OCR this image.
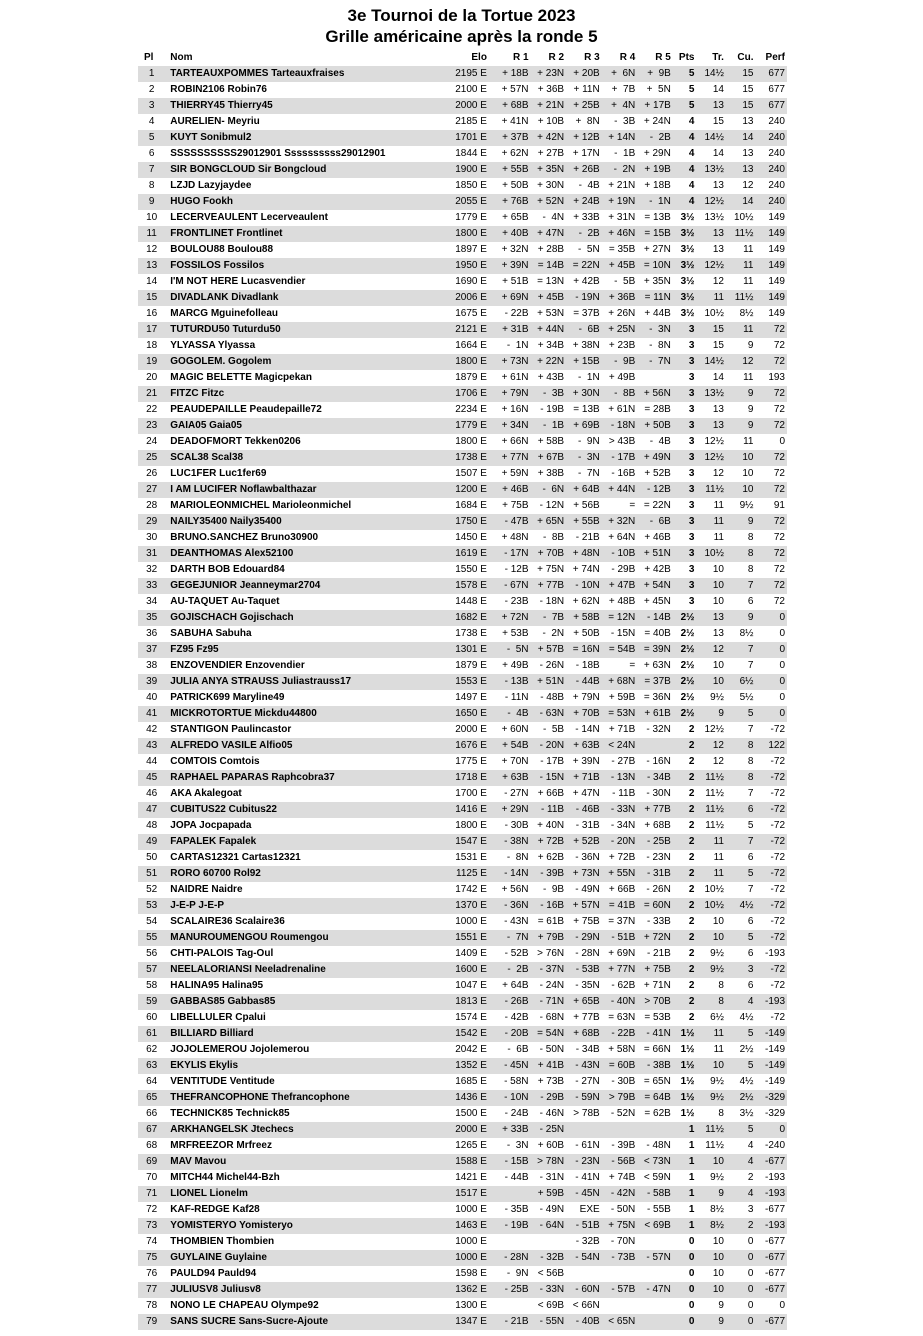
3e Tournoi de la Tortue 2023
Grille américaine après la ronde 5
Pl	Nom	Elo	R 1	R 2	R 3	R 4	R 5	Pts	Tr.	Cu.	Perf
1	TARTEAUXPOMMES Tarteauxfraises	2195 E	+ 18B	+ 23N	+ 20B	+  6N	+  9B	5	14½	15	677
2	ROBIN2106 Robin76	2100 E	+ 57N	+ 36B	+ 11N	+  7B	+  5N	5	14	15	677
3	THIERRY45 Thierry45	2000 E	+ 68B	+ 21N	+ 25B	+  4N	+ 17B	5	13	15	677
4	AURELIEN- Meyriu	2185 E	+ 41N	+ 10B	+  8N	-  3B	+ 24N	4	15	13	240
5	KUYT Sonibmul2	1701 E	+ 37B	+ 42N	+ 12B	+ 14N	-  2B	4	14½	14	240
6	SSSSSSSSSS29012901 Ssssssssss29012901	1844 E	+ 62N	+ 27B	+ 17N	-  1B	+ 29N	4	14	13	240
7	SIR BONGCLOUD Sir Bongcloud	1900 E	+ 55B	+ 35N	+ 26B	-  2N	+ 19B	4	13½	13	240
8	LZJD Lazyjaydee	1850 E	+ 50B	+ 30N	-  4B	+ 21N	+ 18B	4	13	12	240
9	HUGO Fookh	2055 E	+ 76B	+ 52N	+ 24B	+ 19N	-  1N	4	12½	14	240
10	LECERVEAULENT Lecerveaulent	1779 E	+ 65B	-  4N	+ 33B	+ 31N	= 13B	3½	13½	10½	149
11	FRONTLINET Frontlinet	1800 E	+ 40B	+ 47N	-  2B	+ 46N	= 15B	3½	13	11½	149
12	BOULOU88 Boulou88	1897 E	+ 32N	+ 28B	-  5N	= 35B	+ 27N	3½	13	11	149
13	FOSSILOS Fossilos	1950 E	+ 39N	= 14B	= 22N	+ 45B	= 10N	3½	12½	11	149
14	I'M NOT HERE Lucasvendier	1690 E	+ 51B	= 13N	+ 42B	-  5B	+ 35N	3½	12	11	149
15	DIVADLANK Divadlank	2006 E	+ 69N	+ 45B	- 19N	+ 36B	= 11N	3½	11	11½	149
16	MARCG Mguinefolleau	1675 E	- 22B	+ 53N	= 37B	+ 26N	+ 44B	3½	10½	8½	149
17	TUTURDU50 Tuturdu50	2121 E	+ 31B	+ 44N	-  6B	+ 25N	-  3N	3	15	11	72
18	YLYASSA Ylyassa	1664 E	-  1N	+ 34B	+ 38N	+ 23B	-  8N	3	15	9	72
19	GOGOLEM. Gogolem	1800 E	+ 73N	+ 22N	+ 15B	-  9B	-  7N	3	14½	12	72
20	MAGIC BELETTE Magicpekan	1879 E	+ 61N	+ 43B	-  1N	+ 49B		3	14	11	193
21	FITZC Fitzc	1706 E	+ 79N	-  3B	+ 30N	-  8B	+ 56N	3	13½	9	72
22	PEAUDEPAILLE Peaudepaille72	2234 E	+ 16N	- 19B	= 13B	+ 61N	= 28B	3	13	9	72
23	GAIA05 Gaia05	1779 E	+ 34N	-  1B	+ 69B	- 18N	+ 50B	3	13	9	72
24	DEADOFMORT Tekken0206	1800 E	+ 66N	+ 58B	-  9N	> 43B	-  4B	3	12½	11	0
25	SCAL38 Scal38	1738 E	+ 77N	+ 67B	-  3N	- 17B	+ 49N	3	12½	10	72
26	LUC1FER Luc1fer69	1507 E	+ 59N	+ 38B	-  7N	- 16B	+ 52B	3	12	10	72
27	I AM LUCIFER Noflawbalthazar	1200 E	+ 46B	-  6N	+ 64B	+ 44N	- 12B	3	11½	10	72
28	MARIOLEONMICHEL Marioleonmichel	1684 E	+ 75B	- 12N	+ 56B	=	= 22N	3	11	9½	91
29	NAILY35400 Naily35400	1750 E	- 47B	+ 65N	+ 55B	+ 32N	-  6B	3	11	9	72
30	BRUNO.SANCHEZ Bruno30900	1450 E	+ 48N	-  8B	- 21B	+ 64N	+ 46B	3	11	8	72
31	DEANTHOMAS Alex52100	1619 E	- 17N	+ 70B	+ 48N	- 10B	+ 51N	3	10½	8	72
32	DARTH BOB Edouard84	1550 E	- 12B	+ 75N	+ 74N	- 29B	+ 42B	3	10	8	72
33	GEGEJUNIOR Jeanneymar2704	1578 E	- 67N	+ 77B	- 10N	+ 47B	+ 54N	3	10	7	72
34	AU-TAQUET Au-Taquet	1448 E	- 23B	- 18N	+ 62N	+ 48B	+ 45N	3	10	6	72
35	GOJISCHACH Gojischach	1682 E	+ 72N	-  7B	+ 58B	= 12N	- 14B	2½	13	9	0
36	SABUHA Sabuha	1738 E	+ 53B	-  2N	+ 50B	- 15N	= 40B	2½	13	8½	0
37	FZ95 Fz95	1301 E	-  5N	+ 57B	= 16N	= 54B	= 39N	2½	12	7	0
38	ENZOVENDIER Enzovendier	1879 E	+ 49B	- 26N	- 18B	=	+ 63N	2½	10	7	0
39	JULIA ANYA STRAUSS Juliastrauss17	1553 E	- 13B	+ 51N	- 44B	+ 68N	= 37B	2½	10	6½	0
40	PATRICK699 Maryline49	1497 E	- 11N	- 48B	+ 79N	+ 59B	= 36N	2½	9½	5½	0
41	MICKROTORTUE Mickdu44800	1650 E	-  4B	- 63N	+ 70B	= 53N	+ 61B	2½	9	5	0
42	STANTIGON Paulincastor	2000 E	+ 60N	-  5B	- 14N	+ 71B	- 32N	2	12½	7	-72
43	ALFREDO VASILE Alfio05	1676 E	+ 54B	- 20N	+ 63B	< 24N		2	12	8	122
44	COMTOIS Comtois	1775 E	+ 70N	- 17B	+ 39N	- 27B	- 16N	2	12	8	-72
45	RAPHAEL PAPARAS Raphcobra37	1718 E	+ 63B	- 15N	+ 71B	- 13N	- 34B	2	11½	8	-72
46	AKA Akalegoat	1700 E	- 27N	+ 66B	+ 47N	- 11B	- 30N	2	11½	7	-72
47	CUBITUS22 Cubitus22	1416 E	+ 29N	- 11B	- 46B	- 33N	+ 77B	2	11½	6	-72
48	JOPA Jocpapada	1800 E	- 30B	+ 40N	- 31B	- 34N	+ 68B	2	11½	5	-72
49	FAPALEK Fapalek	1547 E	- 38N	+ 72B	+ 52B	- 20N	- 25B	2	11	7	-72
50	CARTAS12321 Cartas12321	1531 E	-  8N	+ 62B	- 36N	+ 72B	- 23N	2	11	6	-72
51	RORO 60700 Rol92	1125 E	- 14N	- 39B	+ 73N	+ 55N	- 31B	2	11	5	-72
52	NAIDRE Naidre	1742 E	+ 56N	-  9B	- 49N	+ 66B	- 26N	2	10½	7	-72
53	J-E-P J-E-P	1370 E	- 36N	- 16B	+ 57N	= 41B	= 60N	2	10½	4½	-72
54	SCALAIRE36 Scalaire36	1000 E	- 43N	= 61B	+ 75B	= 37N	- 33B	2	10	6	-72
55	MANUROUMENGOU Roumengou	1551 E	-  7N	+ 79B	- 29N	- 51B	+ 72N	2	10	5	-72
56	CHTI-PALOIS Tag-Oul	1409 E	- 52B	> 76N	- 28N	+ 69N	- 21B	2	9½	6	-193
57	NEELALORIANSI Neeladrenaline	1600 E	-  2B	- 37N	- 53B	+ 77N	+ 75B	2	9½	3	-72
58	HALINA95 Halina95	1047 E	+ 64B	- 24N	- 35N	- 62B	+ 71N	2	8	6	-72
59	GABBAS85 Gabbas85	1813 E	- 26B	- 71N	+ 65B	- 40N	> 70B	2	8	4	-193
60	LIBELLULER Cpalui	1574 E	- 42B	- 68N	+ 77B	= 63N	= 53B	2	6½	4½	-72
61	BILLIARD Billiard	1542 E	- 20B	= 54N	+ 68B	- 22B	- 41N	1½	11	5	-149
62	JOJOLEMEROU Jojolemerou	2042 E	-  6B	- 50N	- 34B	+ 58N	= 66N	1½	11	2½	-149
63	EKYLIS Ekylis	1352 E	- 45N	+ 41B	- 43N	= 60B	- 38B	1½	10	5	-149
64	VENTITUDE Ventitude	1685 E	- 58N	+ 73B	- 27N	- 30B	= 65N	1½	9½	4½	-149
65	THEFRANCOPHONE Thefrancophone	1436 E	- 10N	- 29B	- 59N	> 79B	= 64B	1½	9½	2½	-329
66	TECHNICK85 Technick85	1500 E	- 24B	- 46N	> 78B	- 52N	= 62B	1½	8	3½	-329
67	ARKHANGELSK Jtechecs	2000 E	+ 33B	- 25N				1	11½	5	0
68	MRFREEZOR Mrfreez	1265 E	-  3N	+ 60B	- 61N	- 39B	- 48N	1	11½	4	-240
69	MAV Mavou	1588 E	- 15B	> 78N	- 23N	- 56B	< 73N	1	10	4	-677
70	MITCH44 Michel44-Bzh	1421 E	- 44B	- 31N	- 41N	+ 74B	< 59N	1	9½	2	-193
71	LIONEL Lionelm	1517 E		+ 59B	- 45N	- 42N	- 58B	1	9	4	-193
72	KAF-REDGE Kaf28	1000 E	- 35B	- 49N	EXE	- 50N	- 55B	1	8½	3	-677
73	YOMISTERYO Yomisteryo	1463 E	- 19B	- 64N	- 51B	+ 75N	< 69B	1	8½	2	-193
74	THOMBIEN Thombien	1000 E			- 32B	- 70N		0	10	0	-677
75	GUYLAINE Guylaine	1000 E	- 28N	- 32B	- 54N	- 73B	- 57N	0	10	0	-677
76	PAULD94 Pauld94	1598 E	-  9N	< 56B				0	10	0	-677
77	JULIUSV8 Juliusv8	1362 E	- 25B	- 33N	- 60N	- 57B	- 47N	0	10	0	-677
78	NONO LE CHAPEAU Olympe92	1300 E		< 69B	< 66N			0	9	0	0
79	SANS SUCRE Sans-Sucre-Ajoute	1347 E	- 21B	- 55N	- 40B	< 65N		0	9	0	-677
